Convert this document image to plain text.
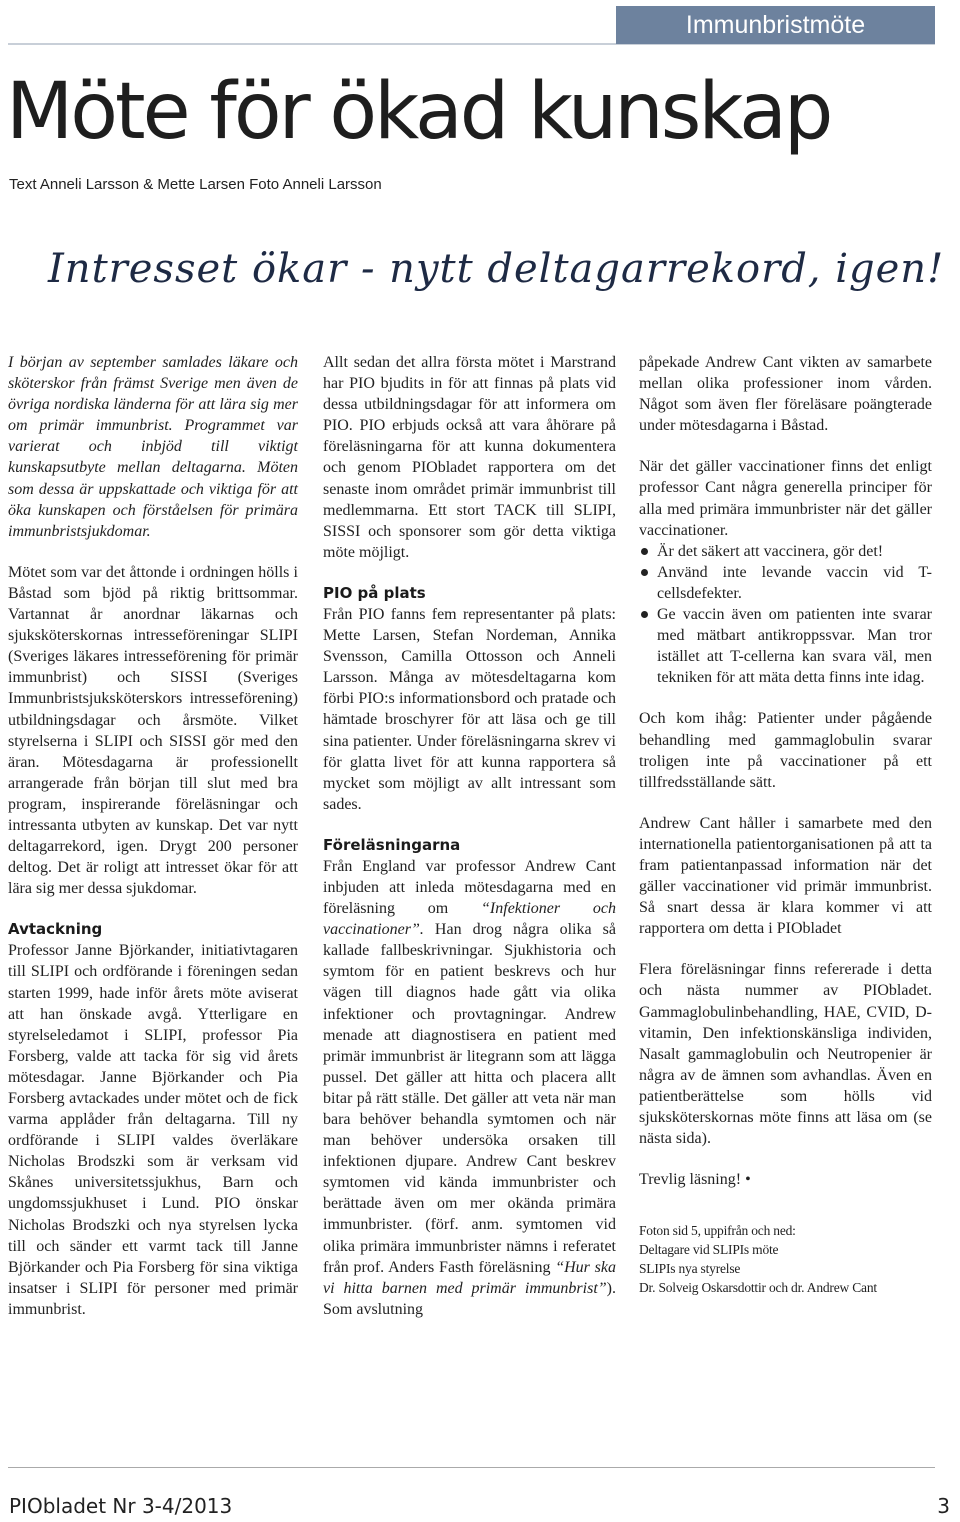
Immunbristmöte
Möte för ökad kunskap
Text Anneli Larsson & Mette Larsen Foto Anneli Larsson
Intresset ökar - nytt deltagarrekord, igen!

I början av september samlades läkare och sköterskor från främst Sverige men även de övriga nordiska länderna för att lära sig mer om primär immunbrist. Programmet var varierat och inbjöd till viktigt kunskapsutbyte mellan deltagarna. Möten som dessa är uppskattade och viktiga för att öka kunskapen och förståelsen för primära immunbristsjukdomar.

Mötet som var det åttonde i ordningen hölls i Båstad som bjöd på riktig brittsommar. Vartannat år anordnar läkarnas och sjuksköterskornas intresseföreningar SLIPI (Sveriges läkares intresseförening för primär immunbrist) och SISSI (Sveriges Immunbristsjuksköterskors intresseförening) utbildningsdagar och årsmöte. Vilket styrelserna i SLIPI och SISSI gör med den äran. Mötesdagarna är professionellt arrangerade från början till slut med bra program, inspirerande föreläsningar och intressanta utbyten av kunskap. Det var nytt deltagarrekord, igen. Drygt 200 personer deltog. Det är roligt att intresset ökar för att lära sig mer dessa sjukdomar.

Avtackning

Professor Janne Björkander, initiativtagaren till SLIPI och ordförande i föreningen sedan starten 1999, hade inför årets möte aviserat att han önskade avgå. Ytterligare en styrelseledamot i SLIPI, professor Pia Forsberg, valde att tacka för sig vid årets mötesdagar. Janne Björkander och Pia Forsberg avtackades under mötet och de fick varma applåder från deltagarna. Till ny ordförande i SLIPI valdes överläkare Nicholas Brodszki som är verksam vid Skånes universitetssjukhus, Barn och ungdomssjukhuset i Lund. PIO önskar Nicholas Brodszki och nya styrelsen lycka till och sänder ett varmt tack till Janne Björkander och Pia Forsberg för sina viktiga insatser i SLIPI för personer med primär immunbrist.

Allt sedan det allra första mötet i Marstrand har PIO bjudits in för att finnas på plats vid dessa utbildningsdagar för att informera om PIO. PIO erbjuds också att vara åhörare på föreläsningarna för att kunna dokumentera och genom PIObladet rapportera om det senaste inom området primär immunbrist till medlemmarna. Ett stort TACK till SLIPI, SISSI och sponsorer som gör detta viktiga möte möjligt.

PIO på plats

Från PIO fanns fem representanter på plats: Mette Larsen, Stefan Nordeman, Annika Svensson, Camilla Ottosson och Anneli Larsson. Många av mötesdeltagarna kom förbi PIO:s informationsbord och pratade och hämtade broschyrer för att läsa och ge till sina patienter. Under föreläsningarna skrev vi för glatta livet för att kunna rapportera så mycket som möjligt av allt intressant som sades.

Föreläsningarna

Från England var professor Andrew Cant inbjuden att inleda mötesdagarna med en föreläsning om “Infektioner och vaccinationer”. Han drog några olika så kallade fallbeskrivningar. Sjukhistoria och symtom för en patient beskrevs och hur vägen till diagnos hade gått via olika infektioner och provtagningar. Andrew menade att diagnostisera en patient med primär immunbrist är litegrann som att lägga pussel. Det gäller att hitta och placera allt bitar på rätt ställe. Det gäller att veta när man bara behöver behandla symtomen och när man behöver undersöka orsaken till infektionen djupare. Andrew Cant beskrev symtomen vid kända immunbrister och berättade även om mer okända primära immunbrister. (förf. anm. symtomen vid olika primära immunbrister nämns i referatet från prof. Anders Fasth föreläsning “Hur ska vi hitta barnen med primär immunbrist”). Som avslutning

påpekade Andrew Cant vikten av samarbete mellan olika professioner inom vården. Något som även fler föreläsare poängterade under mötesdagarna i Båstad.

När det gäller vaccinationer finns det enligt professor Cant några generella principer för alla med primära immunbrister när det gäller vaccinationer.

Är det säkert att vaccinera, gör det!
Använd inte levande vaccin vid T-cellsdefekter.
Ge vaccin även om patienten inte svarar med mätbart antikroppssvar. Man tror istället att T-cellerna kan svara väl, men tekniken för att mäta detta finns inte idag.

Och kom ihåg: Patienter under pågående behandling med gammaglobulin svarar troligen inte på vaccinationer på ett tillfredsställande sätt.

Andrew Cant håller i samarbete med den internationella patientorganisationen på att ta fram patientanpassad information när det gäller vaccinationer vid primär immunbrist. Så snart dessa är klara kommer vi att rapportera om detta i PIObladet

Flera föreläsningar finns refererade i detta och nästa nummer av PIObladet. Gammaglobulinbehandling, HAE, CVID, D-vitamin, Den infektionskänsliga individen, Nasalt gammaglobulin och Neutropenier är några av de ämnen som avhandlas. Även en patientberättelse som hölls vid sjuksköterskornas möte finns att läsa om (se nästa sida).

Trevlig läsning! •

Foton sid 5, uppifrån och ned:
Deltagare vid SLIPIs möte
SLIPIs nya styrelse
Dr. Solveig Oskarsdottir och dr. Andrew Cant
PIObladet Nr 3-4/2013	3
